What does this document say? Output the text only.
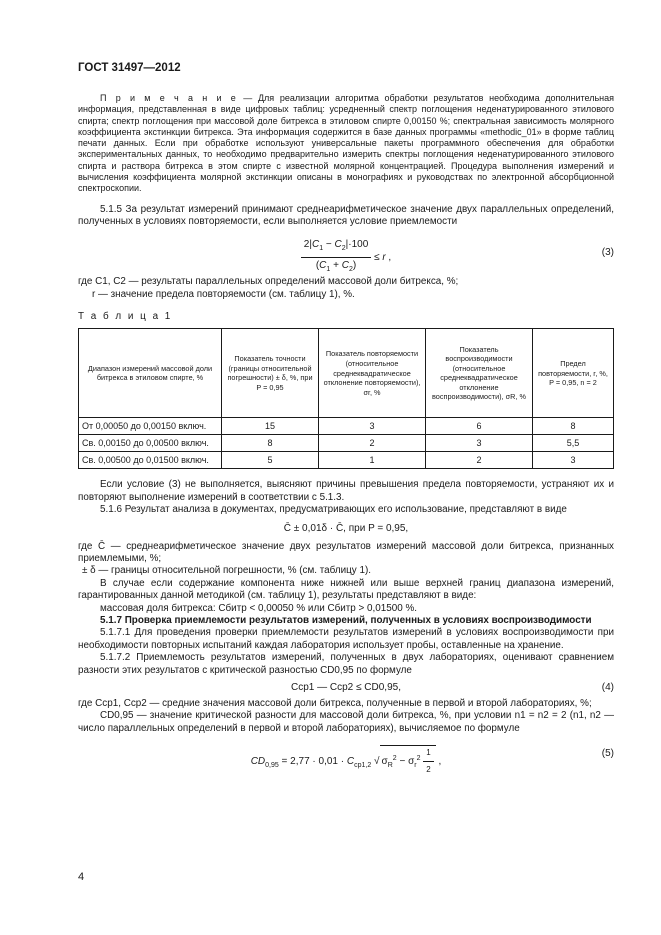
ГОСТ 31497—2012
П р и м е ч а н и е — Для реализации алгоритма обработки результатов необходима дополнительная информация, представленная в виде цифровых таблиц: усредненный спектр поглощения неденатурированного этилового спирта; спектр поглощения при массовой доле битрекса в этиловом спирте 0,00150 %; спектральная зависимость молярного коэффициента экстинкции битрекса. Эта информация содержится в базе данных программы «methodic_01» в форме таблиц печати данных. Если при обработке используют универсальные пакеты программного обеспечения для обработки экспериментальных данных, то необходимо предварительно измерить спектры поглощения неденатурированного этилового спирта и раствора битрекса в этом спирте с известной молярной концентрацией. Процедура выполнения измерений и вычисления коэффициента молярной экстинкции описаны в монографиях и руководствах по электронной абсорбционной спектроскопии.

5.1.5 За результат измерений принимают среднеарифметическое значение двух параллельных определений, полученных в условиях повторяемости, если выполняется условие приемлемости

$\frac{2|C_1 - C_2|\cdot 100}{(C_1 + C_2)} \le r$ ,	(3)

где C1, C2 — результаты параллельных определений массовой доли битрекса, %;

r — значение предела повторяемости (см. таблицу 1), %.

Т а б л и ц а 1
Диапазон измерений массовой доли битрекса в этиловом спирте, %	Показатель точности (границы относительной погрешности) ± δ, %, при P = 0,95	Показатель повторяемости (относительное среднеквадратическое отклонение повторяемости), σr, %	Показатель воспроизводимости (относительное среднеквадратическое отклонение воспроизводимости), σR, %	Предел повторяемости, r, %, P = 0,95, n = 2
От 0,00050 до 0,00150 включ.	15	3	6	8
Св. 0,00150 до 0,00500 включ.	8	2	3	5,5
Св. 0,00500 до 0,01500 включ.	5	1	2	3

Если условие (3) не выполняется, выясняют причины превышения предела повторяемости, устраняют их и повторяют выполнение измерений в соответствии с 5.1.3.

5.1.6 Результат анализа в документах, предусматривающих его использование, представляют в виде

C̄ ± 0,01δ · C̄, при P = 0,95,

где C̄ — среднеарифметическое значение двух результатов измерений массовой доли битрекса, признанных приемлемыми, %;

± δ — границы относительной погрешности, % (см. таблицу 1).

В случае если содержание компонента ниже нижней или выше верхней границ диапазона измерений, гарантированных данной методикой (см. таблицу 1), результаты представляют в виде:

массовая доля битрекса: Cбитр < 0,00050 % или Cбитр > 0,01500 %.

5.1.7 Проверка приемлемости результатов измерений, полученных в условиях воспроизводимости

5.1.7.1 Для проведения проверки приемлемости результатов измерений в условиях воспроизводимости при необходимости повторных испытаний каждая лаборатория использует пробы, оставленные на хранение.

5.1.7.2 Приемлемость результатов измерений, полученных в двух лабораториях, оценивают сравнением разности этих результатов с критической разностью CD0,95 по формуле

Cср1 — Cср2 ≤ CD0,95,	(4)

где Cср1, Cср2 — средние значения массовой доли битрекса, полученные в первой и второй лабораториях, %;

CD0,95 — значение критической разности для массовой доли битрекса, %, при условии n1 = n2 = 2 (n1, n2 — число параллельных определений в первой и второй лабораториях), вычисляемое по формуле

$CD_{0,95} = 2,77 \cdot 0,01 \cdot C_{ср1,2}$ √ $\sigma_R^2 - \sigma_r^2 \frac{1}{2}$ ,
(5)
4
